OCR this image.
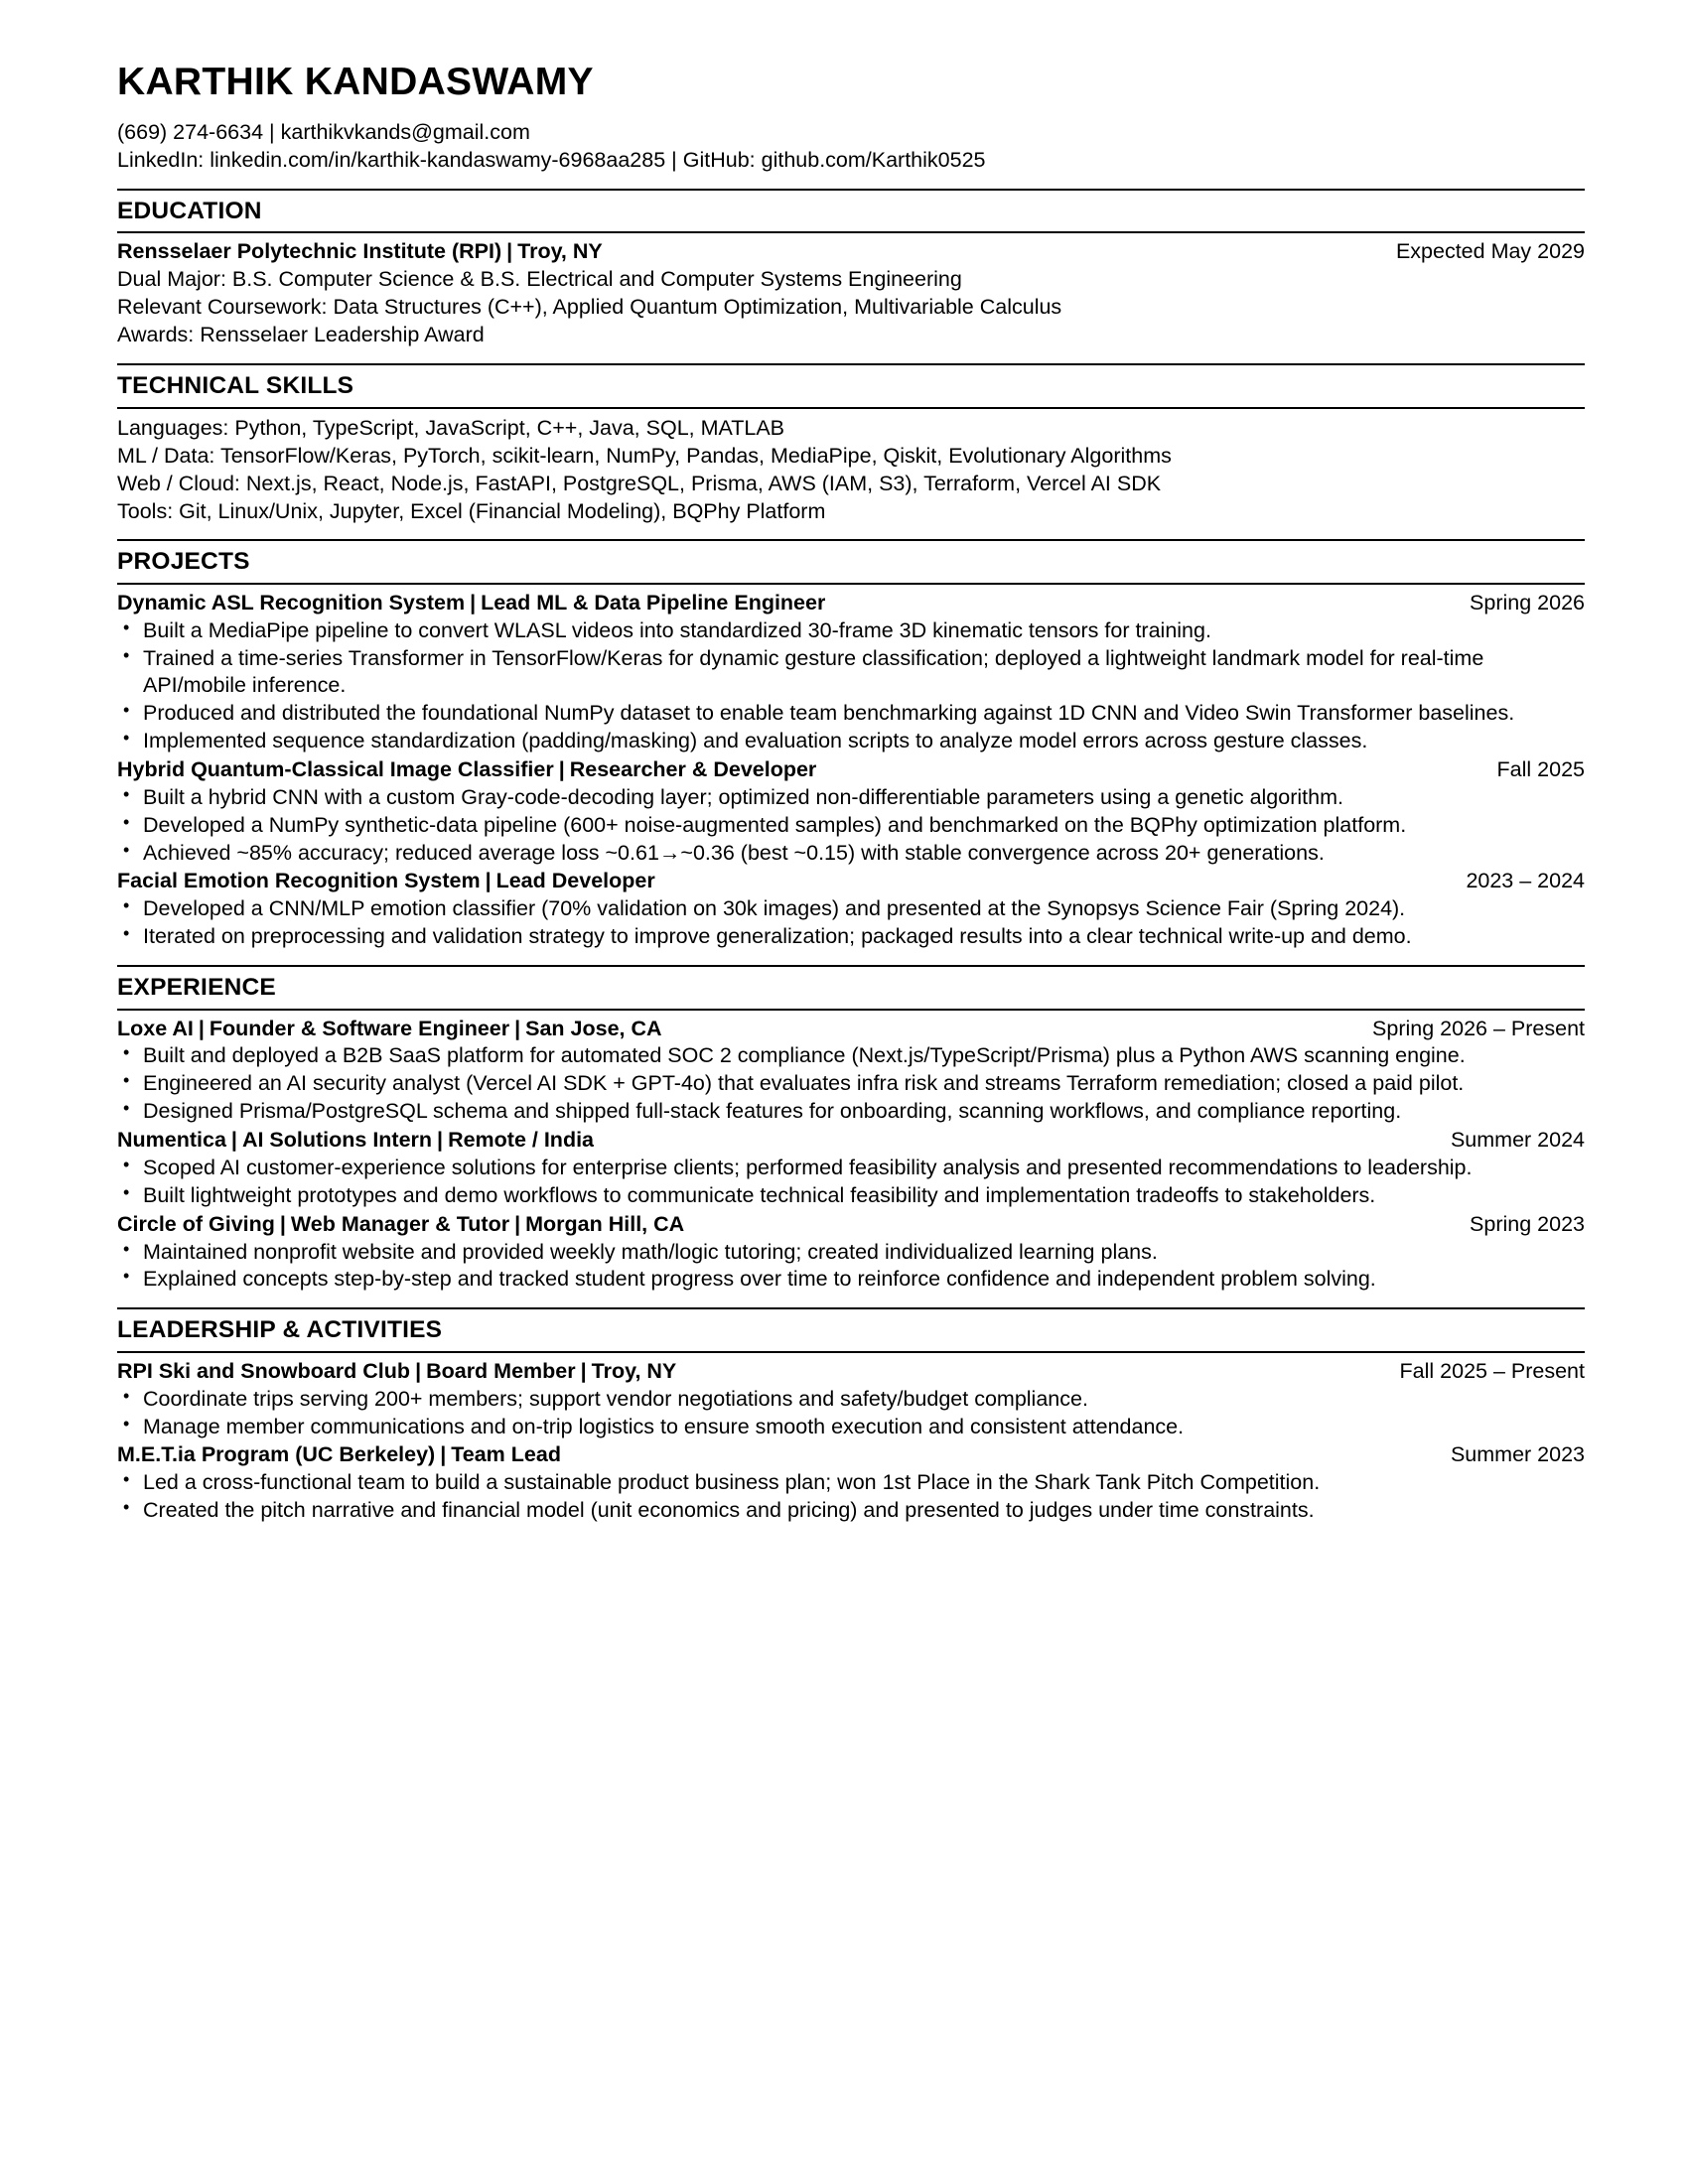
KARTHIK KANDASWAMY
(669) 274-6634 | karthikvkands@gmail.com
LinkedIn: linkedin.com/in/karthik-kandaswamy-6968aa285 | GitHub: github.com/Karthik0525
EDUCATION
Rensselaer Polytechnic Institute (RPI) | Troy, NY	Expected May 2029
Dual Major: B.S. Computer Science & B.S. Electrical and Computer Systems Engineering
Relevant Coursework: Data Structures (C++), Applied Quantum Optimization, Multivariable Calculus
Awards: Rensselaer Leadership Award
TECHNICAL SKILLS
Languages: Python, TypeScript, JavaScript, C++, Java, SQL, MATLAB
ML / Data: TensorFlow/Keras, PyTorch, scikit-learn, NumPy, Pandas, MediaPipe, Qiskit, Evolutionary Algorithms
Web / Cloud: Next.js, React, Node.js, FastAPI, PostgreSQL, Prisma, AWS (IAM, S3), Terraform, Vercel AI SDK
Tools: Git, Linux/Unix, Jupyter, Excel (Financial Modeling), BQPhy Platform
PROJECTS
Dynamic ASL Recognition System | Lead ML & Data Pipeline Engineer	Spring 2026
• Built a MediaPipe pipeline to convert WLASL videos into standardized 30-frame 3D kinematic tensors for training.
• Trained a time-series Transformer in TensorFlow/Keras for dynamic gesture classification; deployed a lightweight landmark model for real-time API/mobile inference.
• Produced and distributed the foundational NumPy dataset to enable team benchmarking against 1D CNN and Video Swin Transformer baselines.
• Implemented sequence standardization (padding/masking) and evaluation scripts to analyze model errors across gesture classes.
Hybrid Quantum-Classical Image Classifier | Researcher & Developer	Fall 2025
• Built a hybrid CNN with a custom Gray-code-decoding layer; optimized non-differentiable parameters using a genetic algorithm.
• Developed a NumPy synthetic-data pipeline (600+ noise-augmented samples) and benchmarked on the BQPhy optimization platform.
• Achieved ~85% accuracy; reduced average loss ~0.61→~0.36 (best ~0.15) with stable convergence across 20+ generations.
Facial Emotion Recognition System | Lead Developer	2023 – 2024
• Developed a CNN/MLP emotion classifier (70% validation on 30k images) and presented at the Synopsys Science Fair (Spring 2024).
• Iterated on preprocessing and validation strategy to improve generalization; packaged results into a clear technical write-up and demo.
EXPERIENCE
Loxe AI | Founder & Software Engineer | San Jose, CA	Spring 2026 – Present
• Built and deployed a B2B SaaS platform for automated SOC 2 compliance (Next.js/TypeScript/Prisma) plus a Python AWS scanning engine.
• Engineered an AI security analyst (Vercel AI SDK + GPT-4o) that evaluates infra risk and streams Terraform remediation; closed a paid pilot.
• Designed Prisma/PostgreSQL schema and shipped full-stack features for onboarding, scanning workflows, and compliance reporting.
Numentica | AI Solutions Intern | Remote / India	Summer 2024
• Scoped AI customer-experience solutions for enterprise clients; performed feasibility analysis and presented recommendations to leadership.
• Built lightweight prototypes and demo workflows to communicate technical feasibility and implementation tradeoffs to stakeholders.
Circle of Giving | Web Manager & Tutor | Morgan Hill, CA	Spring 2023
• Maintained nonprofit website and provided weekly math/logic tutoring; created individualized learning plans.
• Explained concepts step-by-step and tracked student progress over time to reinforce confidence and independent problem solving.
LEADERSHIP & ACTIVITIES
RPI Ski and Snowboard Club | Board Member | Troy, NY	Fall 2025 – Present
• Coordinate trips serving 200+ members; support vendor negotiations and safety/budget compliance.
• Manage member communications and on-trip logistics to ensure smooth execution and consistent attendance.
M.E.T.ia Program (UC Berkeley) | Team Lead	Summer 2023
• Led a cross-functional team to build a sustainable product business plan; won 1st Place in the Shark Tank Pitch Competition.
• Created the pitch narrative and financial model (unit economics and pricing) and presented to judges under time constraints.
